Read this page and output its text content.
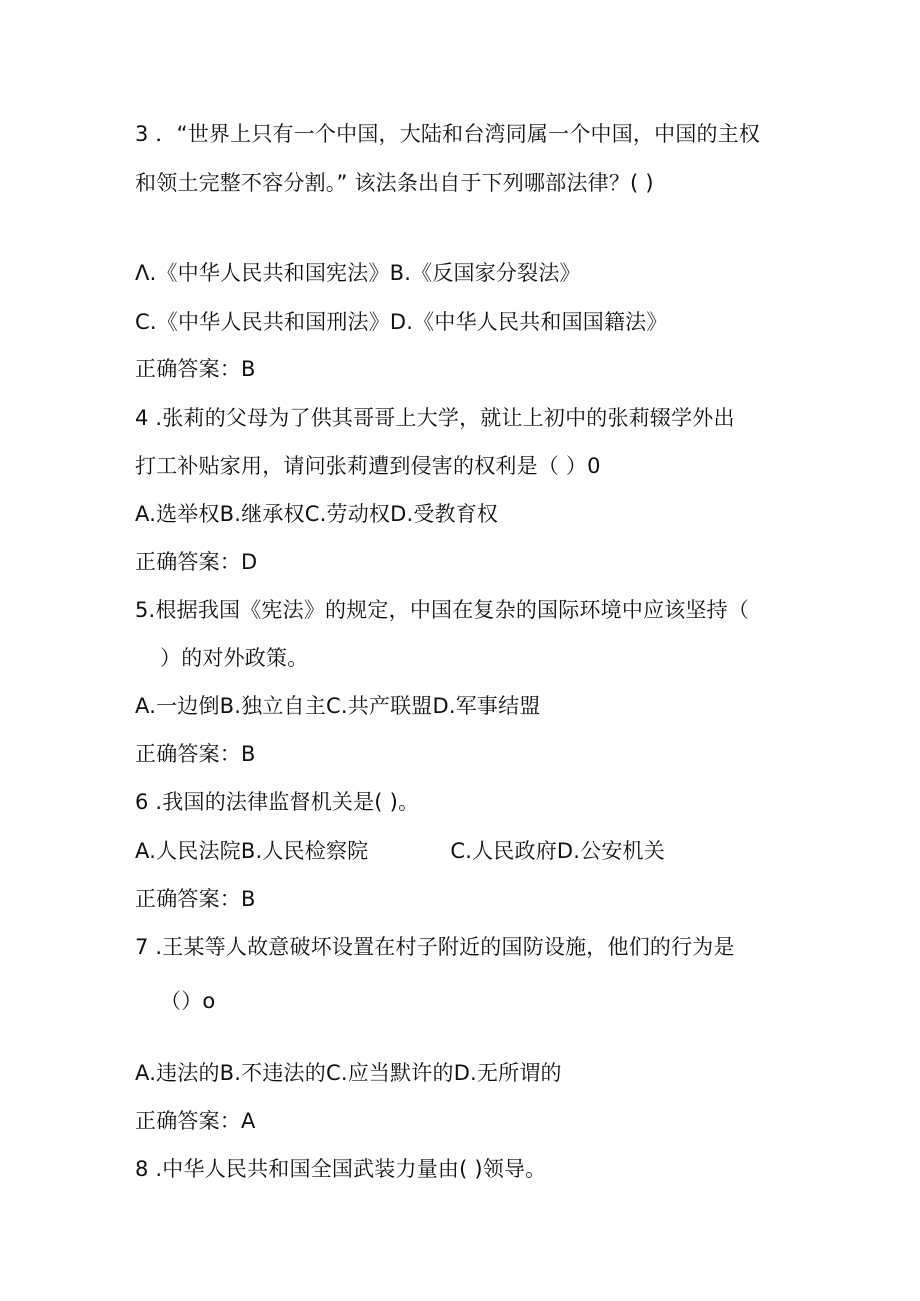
3 ．“世界上只有一个中国，大陆和台湾同属一个中国，中国的主权
和领土完整不容分割。” 该法条出自于下列哪部法律？( )
Λ.《中华人民共和国宪法》B.《反国家分裂法》
C.《中华人民共和国刑法》D.《中华人民共和国国籍法》
正确答案：B
4 .张莉的父母为了供其哥哥上大学，就让上初中的张莉辍学外出
打工补贴家用，请问张莉遭到侵害的权利是（ ）0
A.选举权B.继承权C.劳动权D.受教育权
正确答案：D
5.根据我国《宪法》的规定，中国在复杂的国际环境中应该坚持（
）的对外政策。
A.一边倒B.独立自主C.共产联盟D.军事结盟
正确答案：B
6 .我国的法律监督机关是( )。
A.人民法院B.人民检察院	C.人民政府D.公安机关
正确答案：B
7 .王某等人故意破坏设置在村子附近的国防设施，他们的行为是
（）o
A.违法的B.不违法的C.应当默许的D.无所谓的
正确答案：A
8 .中华人民共和国全国武装力量由( )领导。
